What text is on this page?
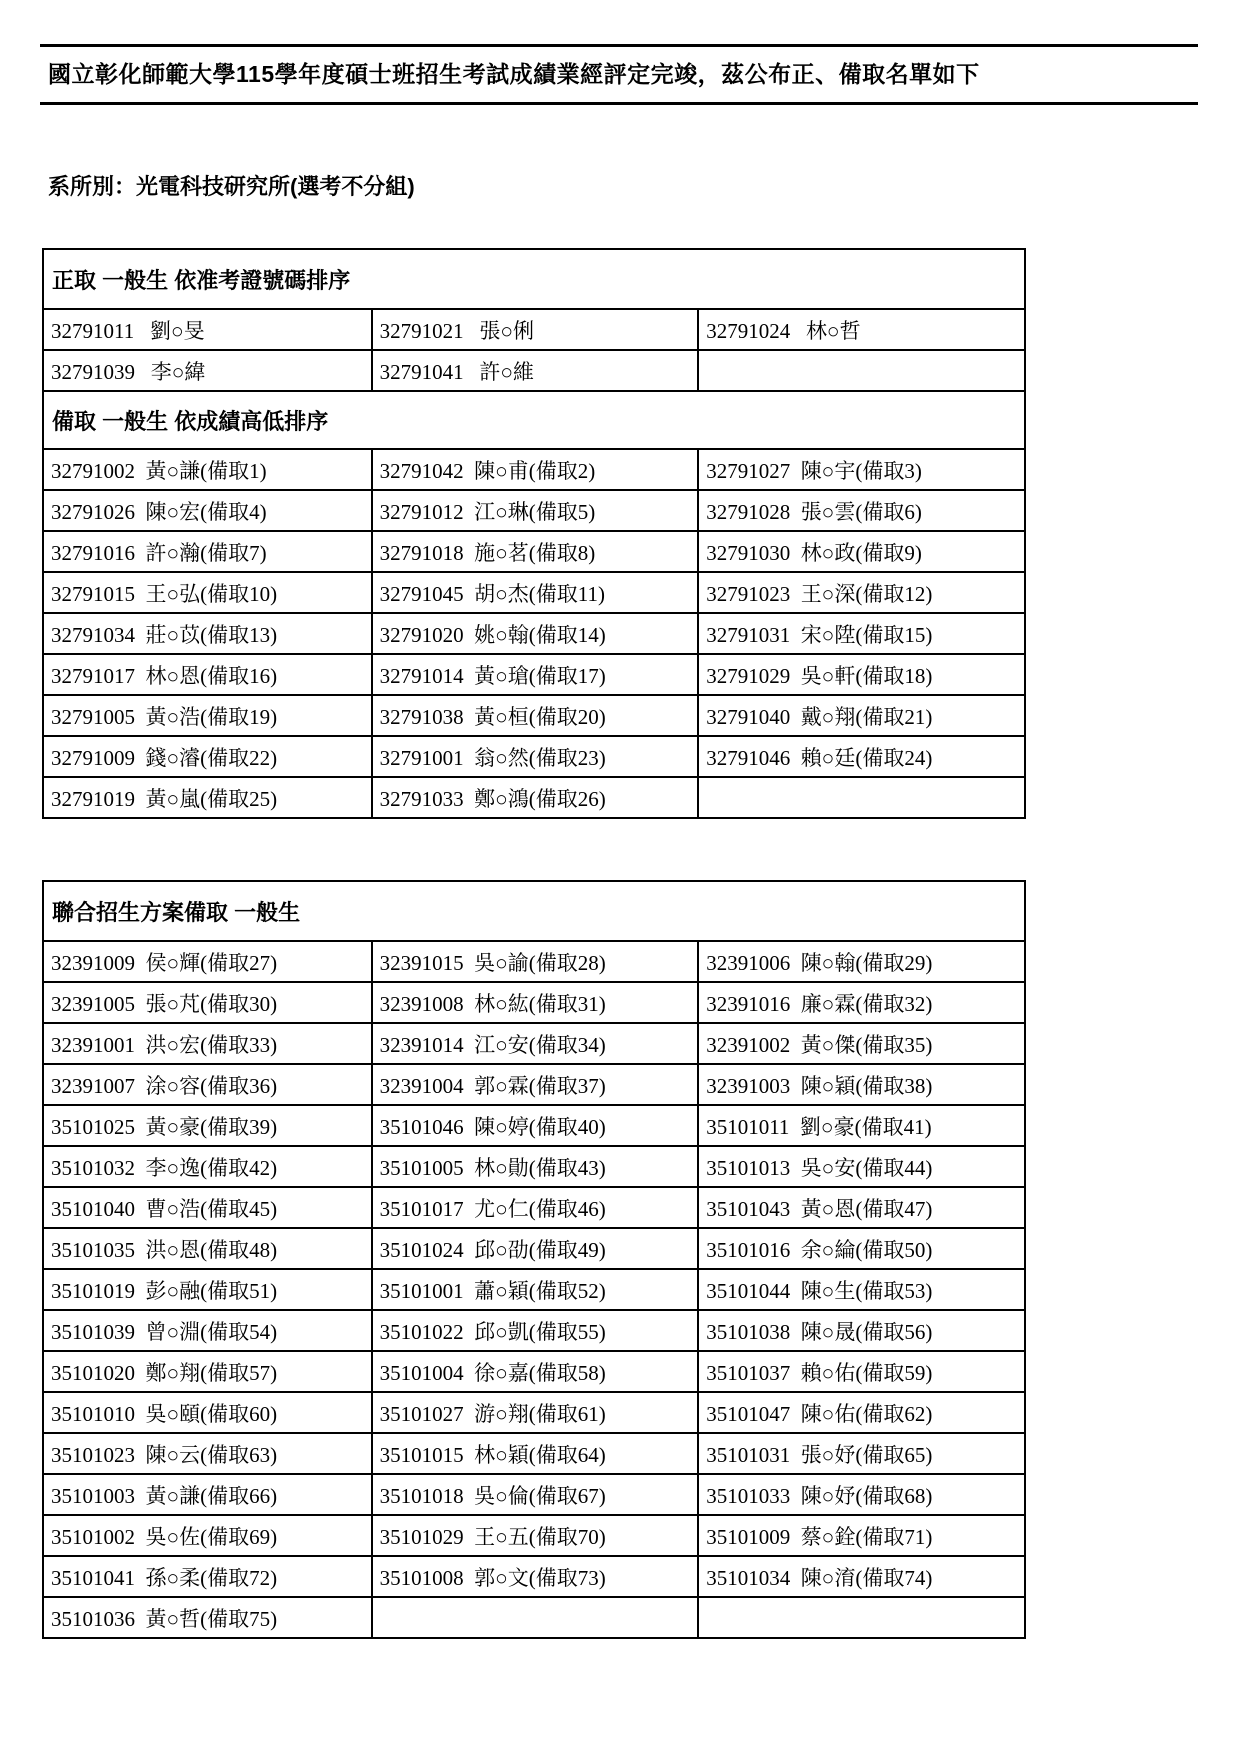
國立彰化師範大學115學年度碩士班招生考試成績業經評定完竣，茲公布正、備取名單如下
系所別：光電科技研究所(選考不分組)
正取 一般生 依准考證號碼排序
32791011   劉○旻	32791021   張○俐	32791024   林○哲
32791039   李○緯	32791041   許○維
備取 一般生 依成績高低排序
32791002  黃○謙(備取1)	32791042  陳○甫(備取2)	32791027  陳○宇(備取3)
32791026  陳○宏(備取4)	32791012  江○琳(備取5)	32791028  張○雲(備取6)
32791016  許○瀚(備取7)	32791018  施○茗(備取8)	32791030  林○政(備取9)
32791015  王○弘(備取10)	32791045  胡○杰(備取11)	32791023  王○深(備取12)
32791034  莊○苡(備取13)	32791020  姚○翰(備取14)	32791031  宋○陞(備取15)
32791017  林○恩(備取16)	32791014  黃○瑲(備取17)	32791029  吳○軒(備取18)
32791005  黃○浩(備取19)	32791038  黃○桓(備取20)	32791040  戴○翔(備取21)
32791009  錢○濬(備取22)	32791001  翁○然(備取23)	32791046  賴○廷(備取24)
32791019  黃○嵐(備取25)	32791033  鄭○鴻(備取26)
聯合招生方案備取 一般生
32391009  侯○輝(備取27)	32391015  吳○諭(備取28)	32391006  陳○翰(備取29)
32391005  張○芃(備取30)	32391008  林○紘(備取31)	32391016  廉○霖(備取32)
32391001  洪○宏(備取33)	32391014  江○安(備取34)	32391002  黃○傑(備取35)
32391007  涂○容(備取36)	32391004  郭○霖(備取37)	32391003  陳○穎(備取38)
35101025  黃○豪(備取39)	35101046  陳○婷(備取40)	35101011  劉○豪(備取41)
35101032  李○逸(備取42)	35101005  林○勛(備取43)	35101013  吳○安(備取44)
35101040  曹○浩(備取45)	35101017  尤○仁(備取46)	35101043  黃○恩(備取47)
35101035  洪○恩(備取48)	35101024  邱○劭(備取49)	35101016  余○綸(備取50)
35101019  彭○融(備取51)	35101001  蕭○穎(備取52)	35101044  陳○生(備取53)
35101039  曾○淵(備取54)	35101022  邱○凱(備取55)	35101038  陳○晟(備取56)
35101020  鄭○翔(備取57)	35101004  徐○嘉(備取58)	35101037  賴○佑(備取59)
35101010  吳○頤(備取60)	35101027  游○翔(備取61)	35101047  陳○佑(備取62)
35101023  陳○云(備取63)	35101015  林○穎(備取64)	35101031  張○妤(備取65)
35101003  黃○謙(備取66)	35101018  吳○倫(備取67)	35101033  陳○妤(備取68)
35101002  吳○佐(備取69)	35101029  王○五(備取70)	35101009  蔡○銓(備取71)
35101041  孫○柔(備取72)	35101008  郭○文(備取73)	35101034  陳○淯(備取74)
35101036  黃○哲(備取75)
